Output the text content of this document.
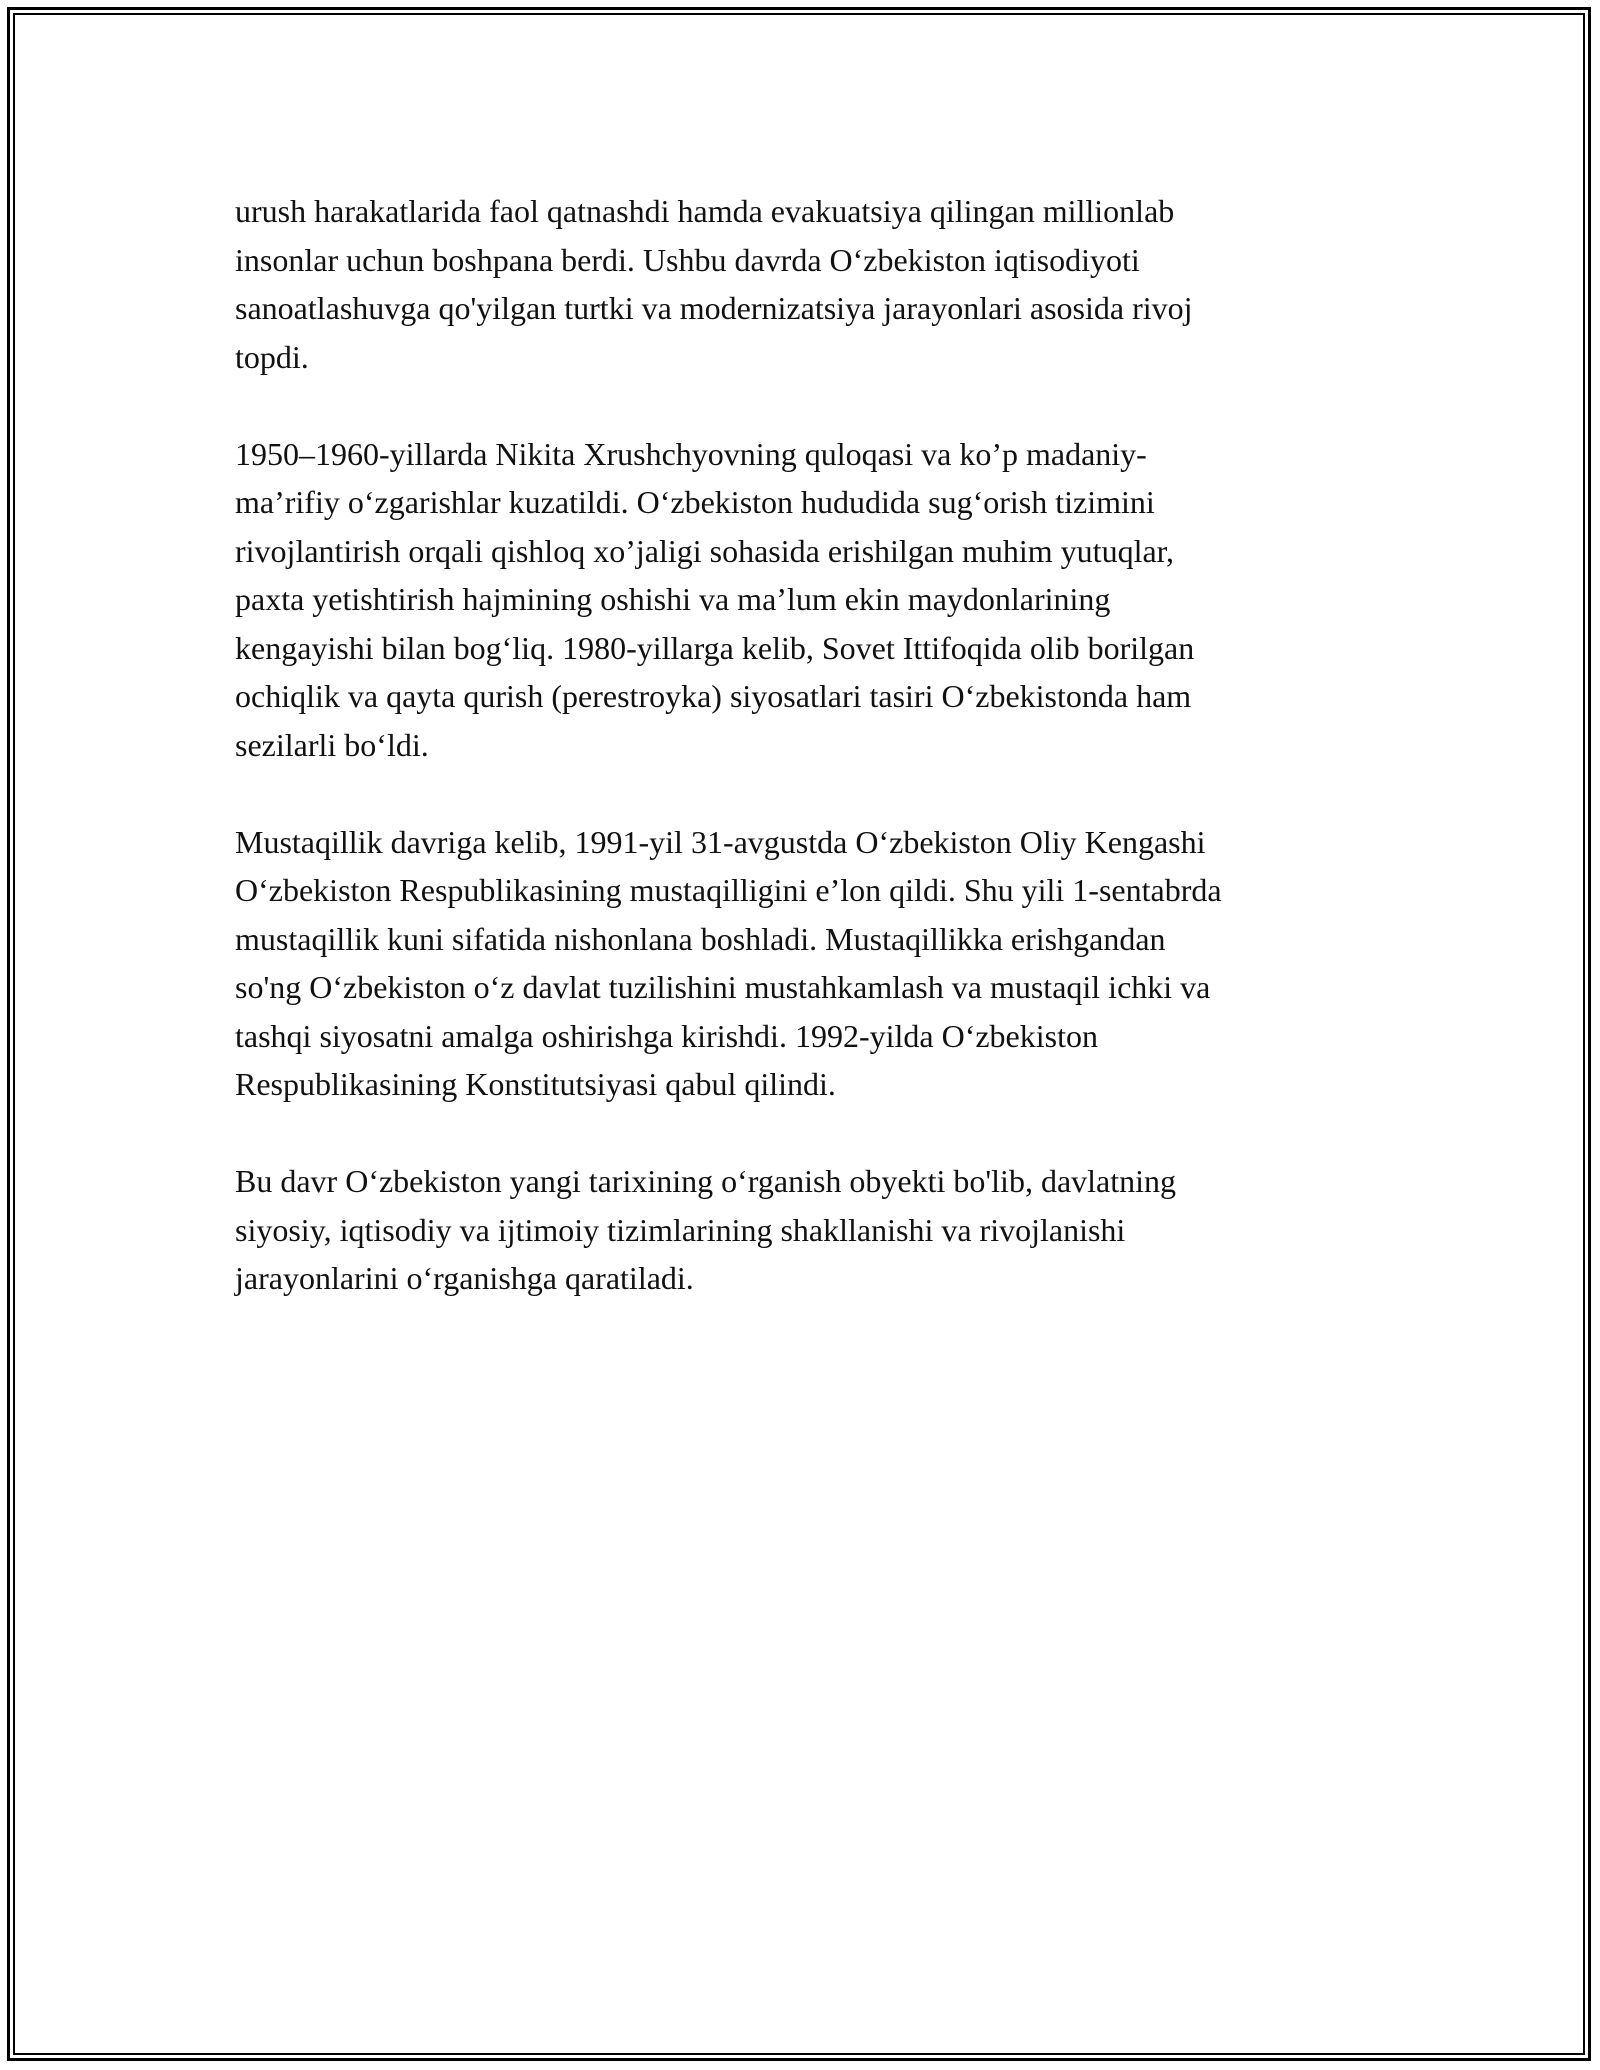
urush harakatlarida faol qatnashdi hamda evakuatsiya qilingan millionlab
insonlar uchun boshpana berdi. Ushbu davrda O‘zbekiston iqtisodiyoti
sanoatlashuvga qo'yilgan turtki va modernizatsiya jarayonlari asosida rivoj
topdi.

1950–1960-yillarda Nikita Xrushchyovning quloqasi va ko’p madaniy-
ma’rifiy o‘zgarishlar kuzatildi. O‘zbekiston hududida sug‘orish tizimini
rivojlantirish orqali qishloq xo’jaligi sohasida erishilgan muhim yutuqlar,
paxta yetishtirish hajmining oshishi va ma’lum ekin maydonlarining
kengayishi bilan bog‘liq. 1980-yillarga kelib, Sovet Ittifoqida olib borilgan
ochiqlik va qayta qurish (perestroyka) siyosatlari tasiri O‘zbekistonda ham
sezilarli bo‘ldi.

Mustaqillik davriga kelib, 1991-yil 31-avgustda O‘zbekiston Oliy Kengashi
O‘zbekiston Respublikasining mustaqilligini e’lon qildi. Shu yili 1-sentabrda
mustaqillik kuni sifatida nishonlana boshladi. Mustaqillikka erishgandan
so'ng O‘zbekiston o‘z davlat tuzilishini mustahkamlash va mustaqil ichki va
tashqi siyosatni amalga oshirishga kirishdi. 1992-yilda O‘zbekiston
Respublikasining Konstitutsiyasi qabul qilindi.

Bu davr O‘zbekiston yangi tarixining o‘rganish obyekti bo'lib, davlatning
siyosiy, iqtisodiy va ijtimoiy tizimlarining shakllanishi va rivojlanishi
jarayonlarini o‘rganishga qaratiladi.
